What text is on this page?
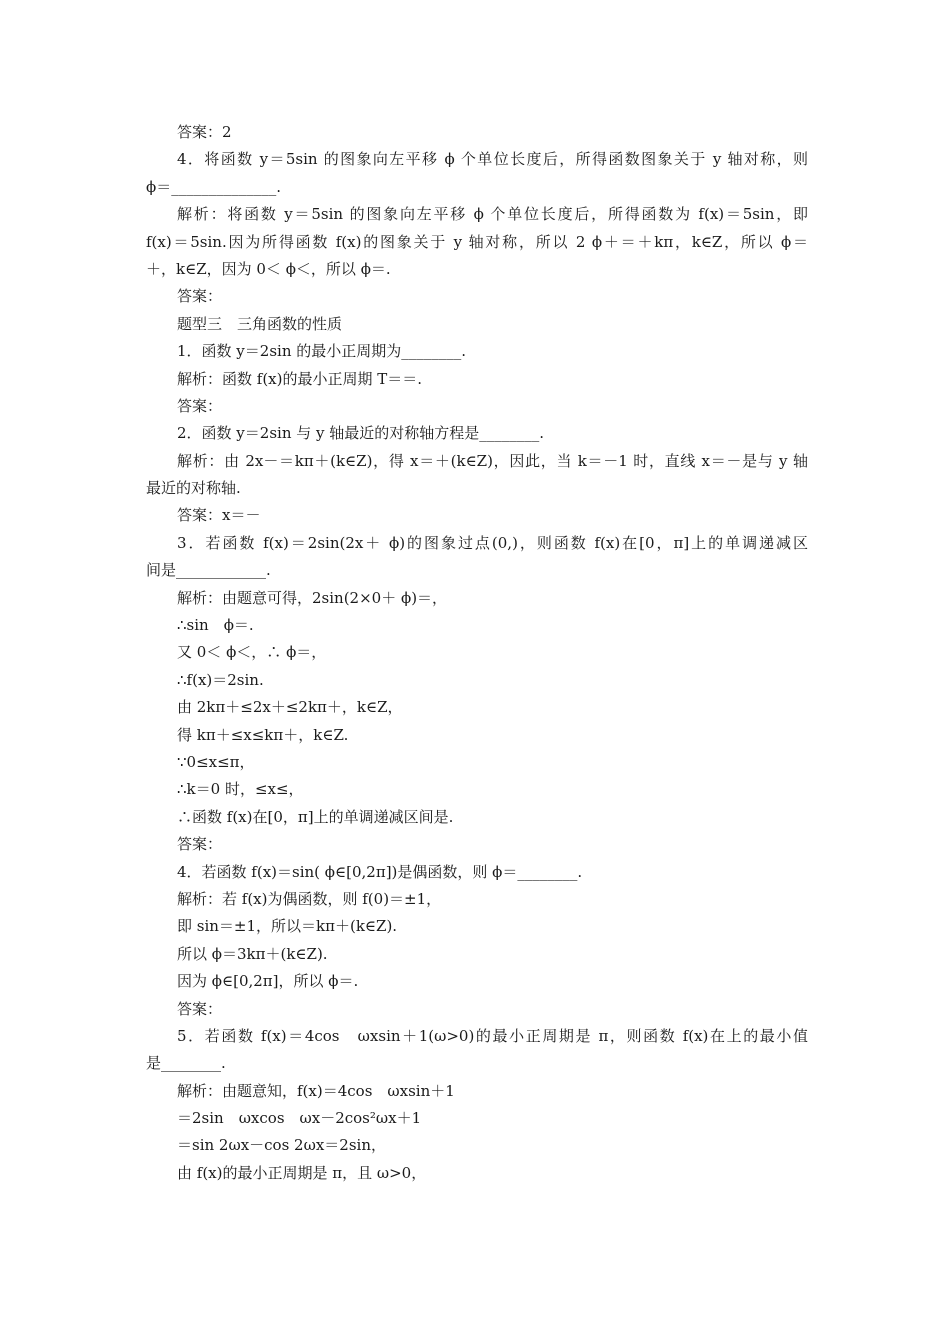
答案：2
4．将函数 y＝5sin 的图象向左平移 ϕ 个单位长度后，所得函数图象关于 y 轴对称，则
ϕ＝______________.
解析：将函数 y＝5sin 的图象向左平移 ϕ 个单位长度后，所得函数为 f(x)＝5sin，即
f(x)＝5sin.因为所得函数 f(x)的图象关于 y 轴对称，所以 2 ϕ＋＝＋kπ，k∈Z，所以 ϕ＝
＋，k∈Z，因为 0＜ ϕ＜，所以 ϕ＝.
答案：
题型三　三角函数的性质
1．函数 y＝2sin 的最小正周期为________.
解析：函数 f(x)的最小正周期 T＝＝.
答案：
2．函数 y＝2sin 与 y 轴最近的对称轴方程是________.
解析：由 2x－＝kπ＋(k∈Z)，得 x＝＋(k∈Z)，因此，当 k＝－1 时，直线 x＝－是与 y 轴
最近的对称轴.
答案：x＝－
3．若函数 f(x)＝2sin(2x＋ ϕ)的图象过点(0,)，则函数 f(x)在[0，π]上的单调递减区
间是____________.
解析：由题意可得，2sin(2×0＋ ϕ)＝，
∴sin　ϕ＝.
又 0＜ ϕ＜，∴ ϕ＝，
∴f(x)＝2sin.
由 2kπ＋≤2x＋≤2kπ＋，k∈Z，
得 kπ＋≤x≤kπ＋，k∈Z.
∵0≤x≤π，
∴k＝0 时，≤x≤，
∴函数 f(x)在[0，π]上的单调递减区间是.
答案：
4．若函数 f(x)＝sin( ϕ∈[0,2π])是偶函数，则 ϕ＝________.
解析：若 f(x)为偶函数，则 f(0)＝±1，
即 sin＝±1，所以＝kπ＋(k∈Z).
所以 ϕ＝3kπ＋(k∈Z).
因为 ϕ∈[0,2π]，所以 ϕ＝.
答案：
5．若函数 f(x)＝4cos　ωxsin＋1(ω>0)的最小正周期是 π，则函数 f(x)在上的最小值
是________.
解析：由题意知，f(x)＝4cos　ωxsin＋1
＝2sin　ωxcos　ωx－2cos²ωx＋1
＝sin 2ωx－cos 2ωx＝2sin，
由 f(x)的最小正周期是 π，且 ω>0，
